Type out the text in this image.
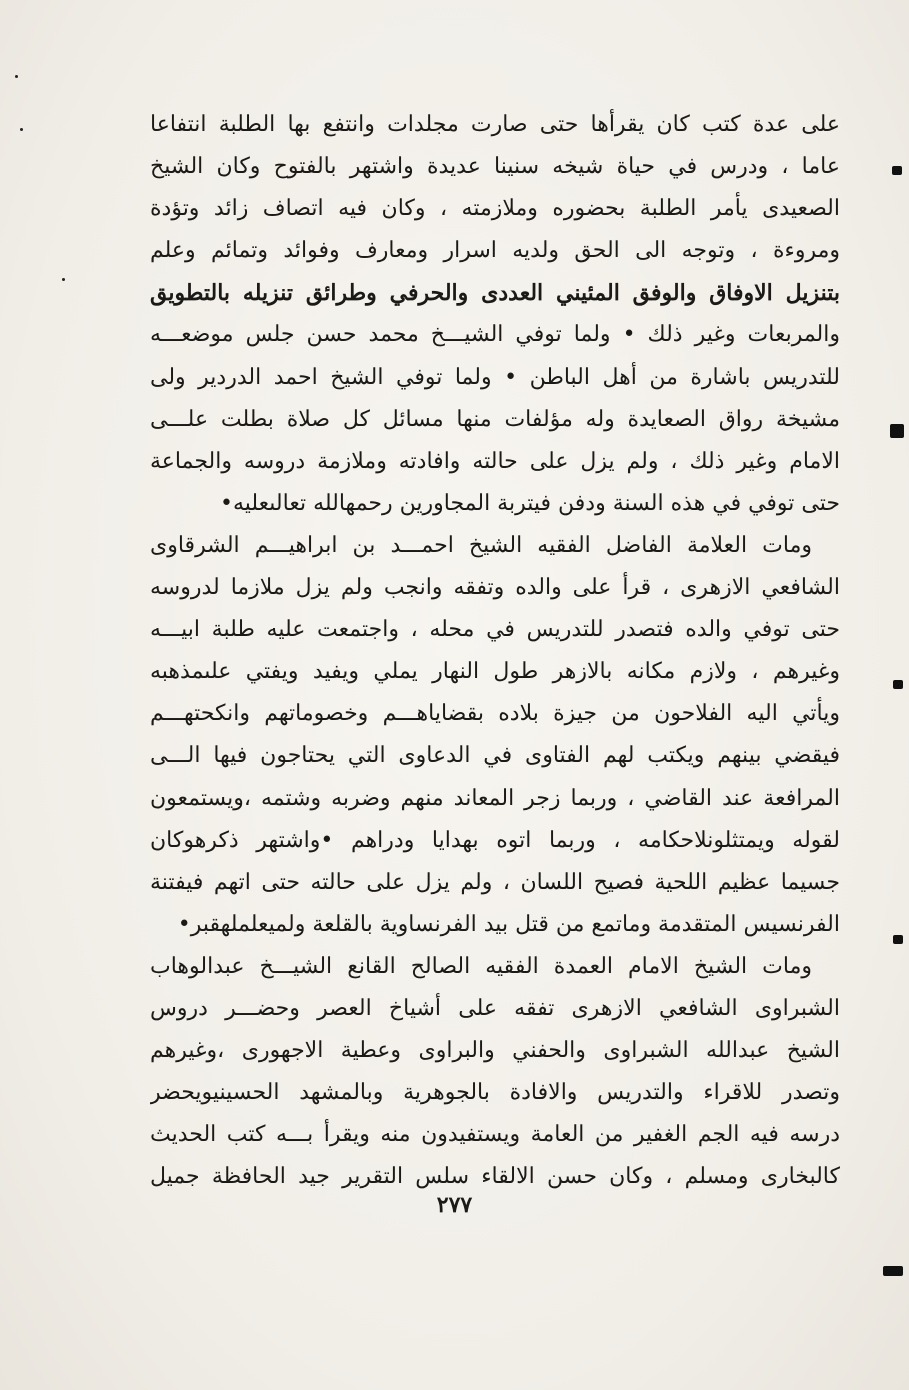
على عدة كتب كان يقرأها حتى صارت مجلدات وانتفع بها الطلبة انتفاعا
عاما ، ودرس في حياة شيخه سنينا عديدة واشتهر بالفتوح وكان الشيخ
الصعيدى يأمر الطلبة بحضوره وملازمته ، وكان فيه اتصاف زائد وتؤدة
ومروءة ، وتوجه الى الحق ولديه اسرار ومعارف وفوائد وتمائم وعلم
بتنزيل الاوفاق والوفق المئيني العددى والحرفي وطرائق تنزيله بالتطويق
والمربعات وغير ذلك • ولما توفي الشيـــخ محمد حسن جلس موضعـــه
للتدريس باشارة من أهل الباطن • ولما توفي الشيخ احمد الدردير ولى
مشيخة رواق الصعايدة وله مؤلفات منها مسائل كل صلاة بطلت علـــى
الامام وغير ذلك ، ولم يزل على حالته وافادته وملازمة دروسه والجماعة
حتى توفي في هذه السنة ودفن فيتربة المجاورين رحمهالله تعالىعليه•
ومات العلامة الفاضل الفقيه الشيخ احمـــد بن ابراهيـــم الشرقاوى
الشافعي الازهرى ، قرأ على والده وتفقه وانجب ولم يزل ملازما لدروسه
حتى توفي والده فتصدر للتدريس في محله ، واجتمعت عليه طلبة ابيـــه
وغيرهم ، ولازم مكانه بالازهر طول النهار يملي ويفيد ويفتي علىمذهبه
ويأتي اليه الفلاحون من جيزة بلاده بقضاياهـــم وخصوماتهم وانكحتهـــم
فيقضي بينهم ويكتب لهم الفتاوى في الدعاوى التي يحتاجون فيها الـــى
المرافعة عند القاضي ، وربما زجر المعاند منهم وضربه وشتمه ،ويستمعون
لقوله ويمتثلونلاحكامه ، وربما اتوه بهدايا ودراهم •واشتهر ذكرهوكان
جسيما عظيم اللحية فصيح اللسان ، ولم يزل على حالته حتى اتهم فيفتنة
الفرنسيس المتقدمة وماتمع من قتل بيد الفرنساوية بالقلعة ولميعلملهقبر•
ومات الشيخ الامام العمدة الفقيه الصالح القانع الشيـــخ عبدالوهاب
الشبراوى الشافعي الازهرى تفقه على أشياخ العصر وحضـــر دروس
الشيخ عبدالله الشبراوى والحفني والبراوى وعطية الاجهورى ،وغيرهم
وتصدر للاقراء والتدريس والافادة بالجوهرية وبالمشهد الحسينيويحضر
درسه فيه الجم الغفير من العامة ويستفيدون منه ويقرأ بـــه كتب الحديث
كالبخارى ومسلم ، وكان حسن الالقاء سلس التقرير جيد الحافظة جميل
٢٧٧
